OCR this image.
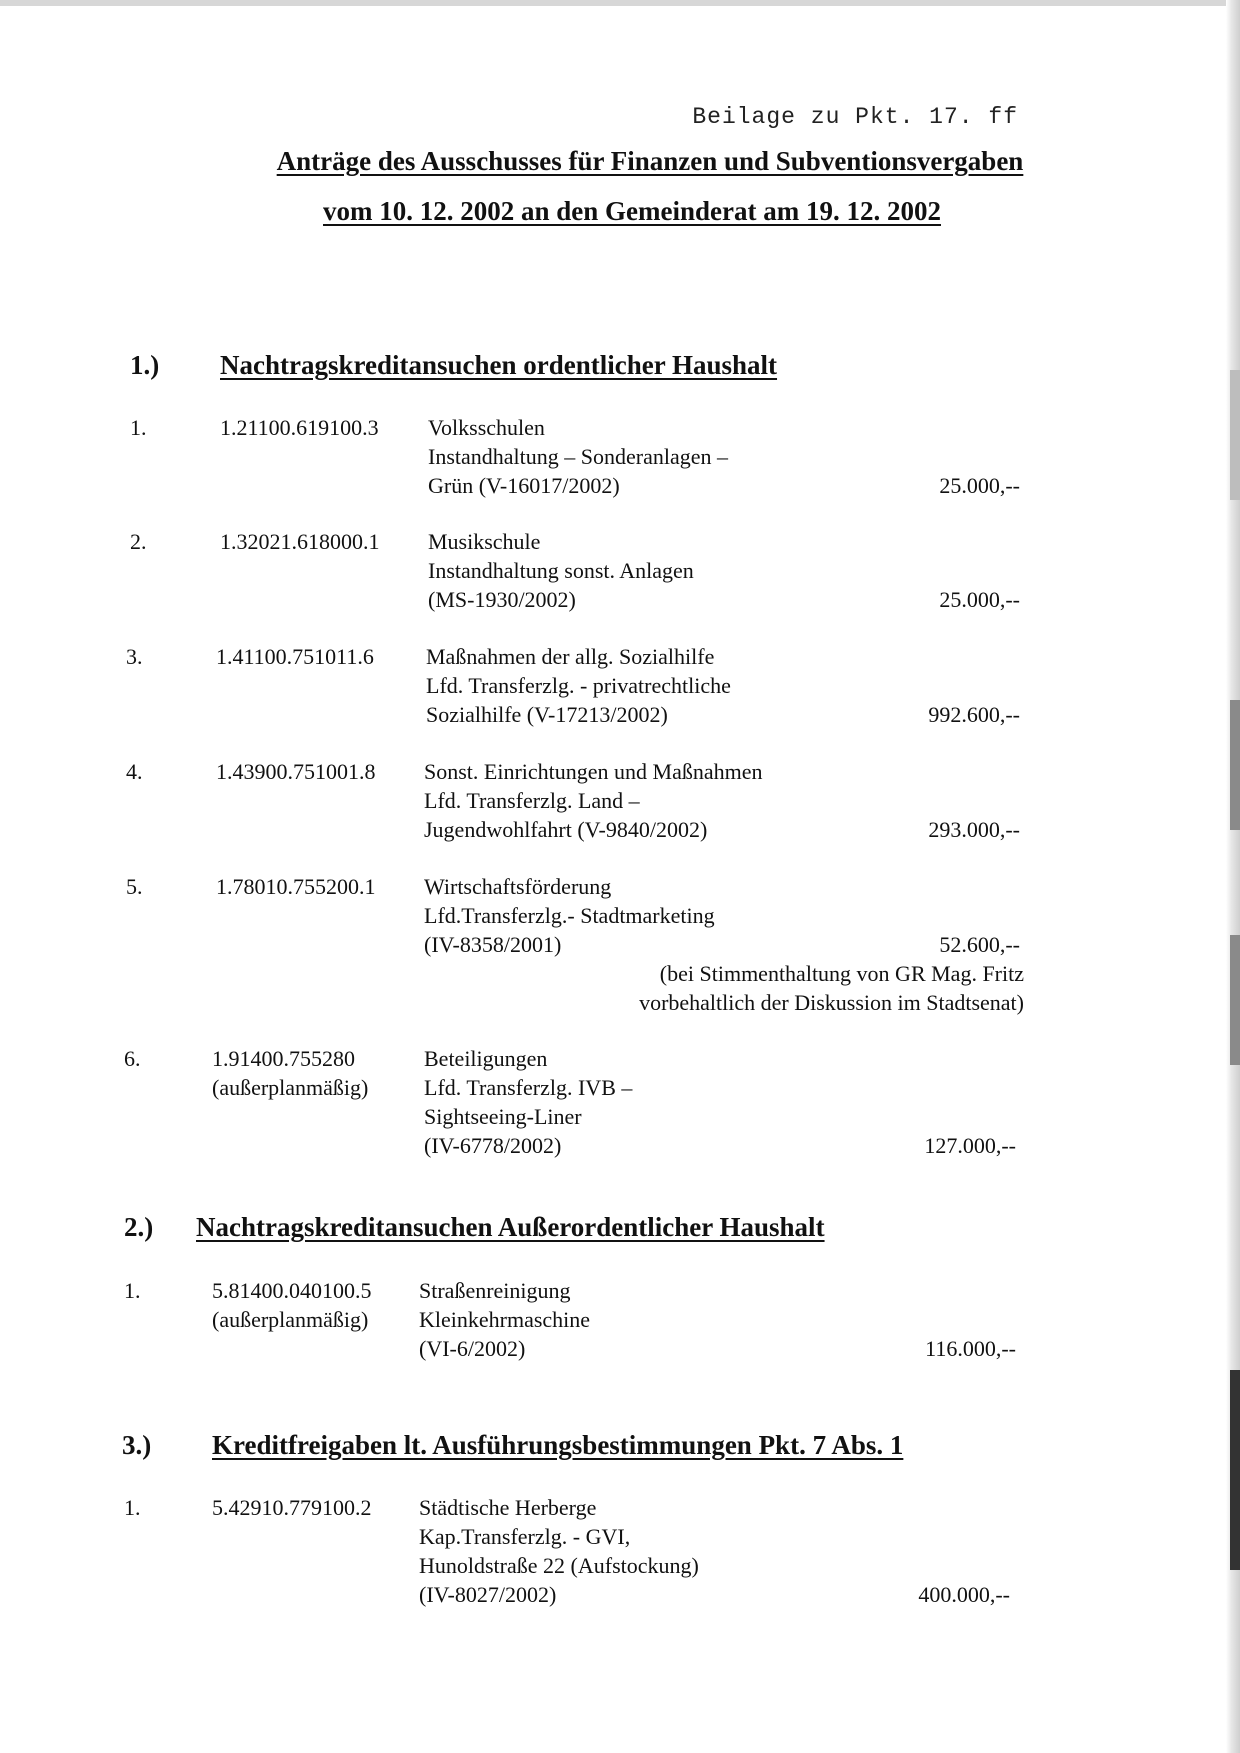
Beilage zu Pkt. 17. ff
Anträge des Ausschusses für Finanzen und Subventionsvergaben
vom 10. 12. 2002 an den Gemeinderat am 19. 12. 2002
1.) Nachtragskreditansuchen ordentlicher Haushalt
1.	1.21100.619100.3 Volksschulen
Instandhaltung – Sonderanlagen –
Grün (V-16017/2002)	25.000,--
2.	1.32021.618000.1 Musikschule
Instandhaltung sonst. Anlagen
(MS-1930/2002)	25.000,--
3.	1.41100.751011.6 Maßnahmen der allg. Sozialhilfe
Lfd. Transferzlg. - privatrechtliche
Sozialhilfe (V-17213/2002)	992.600,--
4.	1.43900.751001.8 Sonst. Einrichtungen und Maßnahmen
Lfd. Transferzlg. Land –
Jugendwohlfahrt (V-9840/2002)	293.000,--
5.	1.78010.755200.1 Wirtschaftsförderung
Lfd.Transferzlg.- Stadtmarketing
(IV-8358/2001)	52.600,--
(bei Stimmenthaltung von GR Mag. Fritz
vorbehaltlich der Diskussion im Stadtsenat)
6.	1.91400.755280
(außerplanmäßig)
Beteiligungen
Lfd. Transferzlg. IVB –
Sightseeing-Liner
(IV-6778/2002)	127.000,--
2.) Nachtragskreditansuchen Außerordentlicher Haushalt
1.	5.81400.040100.5
(außerplanmäßig)
Straßenreinigung
Kleinkehrmaschine
(VI-6/2002)	116.000,--
3.) Kreditfreigaben lt. Ausführungsbestimmungen Pkt. 7 Abs. 1
1.	5.42910.779100.2 Städtische Herberge
Kap.Transferzlg. - GVI,
Hunoldstraße 22 (Aufstockung)
(IV-8027/2002)	400.000,--
